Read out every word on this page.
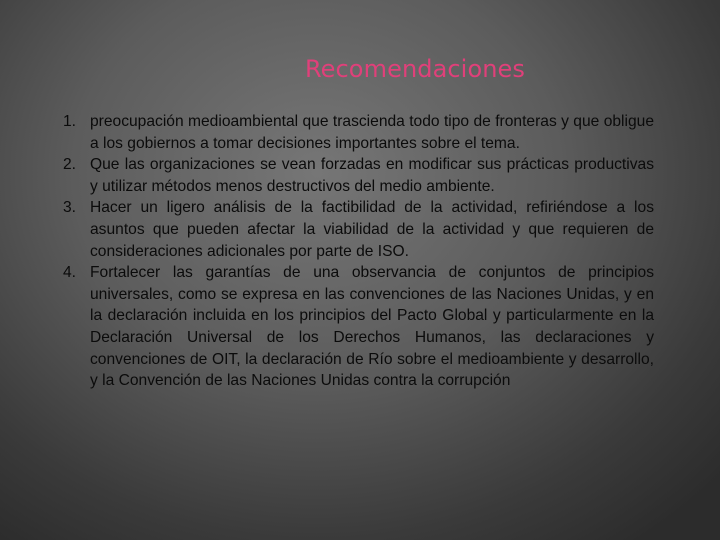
Recomendaciones
1. preocupación medioambiental que trascienda todo tipo de fronteras y que obligue a los gobiernos a tomar decisiones importantes sobre el tema.
2. Que las organizaciones se vean forzadas en modificar sus prácticas productivas y utilizar métodos menos destructivos del medio ambiente.
3. Hacer un ligero análisis de la factibilidad de la actividad, refiriéndose a los asuntos que pueden afectar la viabilidad de la actividad y que requieren de consideraciones adicionales por parte de ISO.
4. Fortalecer las garantías de una observancia de conjuntos de principios universales, como se expresa en las convenciones de las Naciones Unidas, y en la declaración incluida en los principios del Pacto Global y particularmente en la Declaración Universal de los Derechos Humanos, las declaraciones y convenciones de OIT, la declaración de Río sobre el medioambiente y desarrollo, y la Convención de las Naciones Unidas contra la corrupción
